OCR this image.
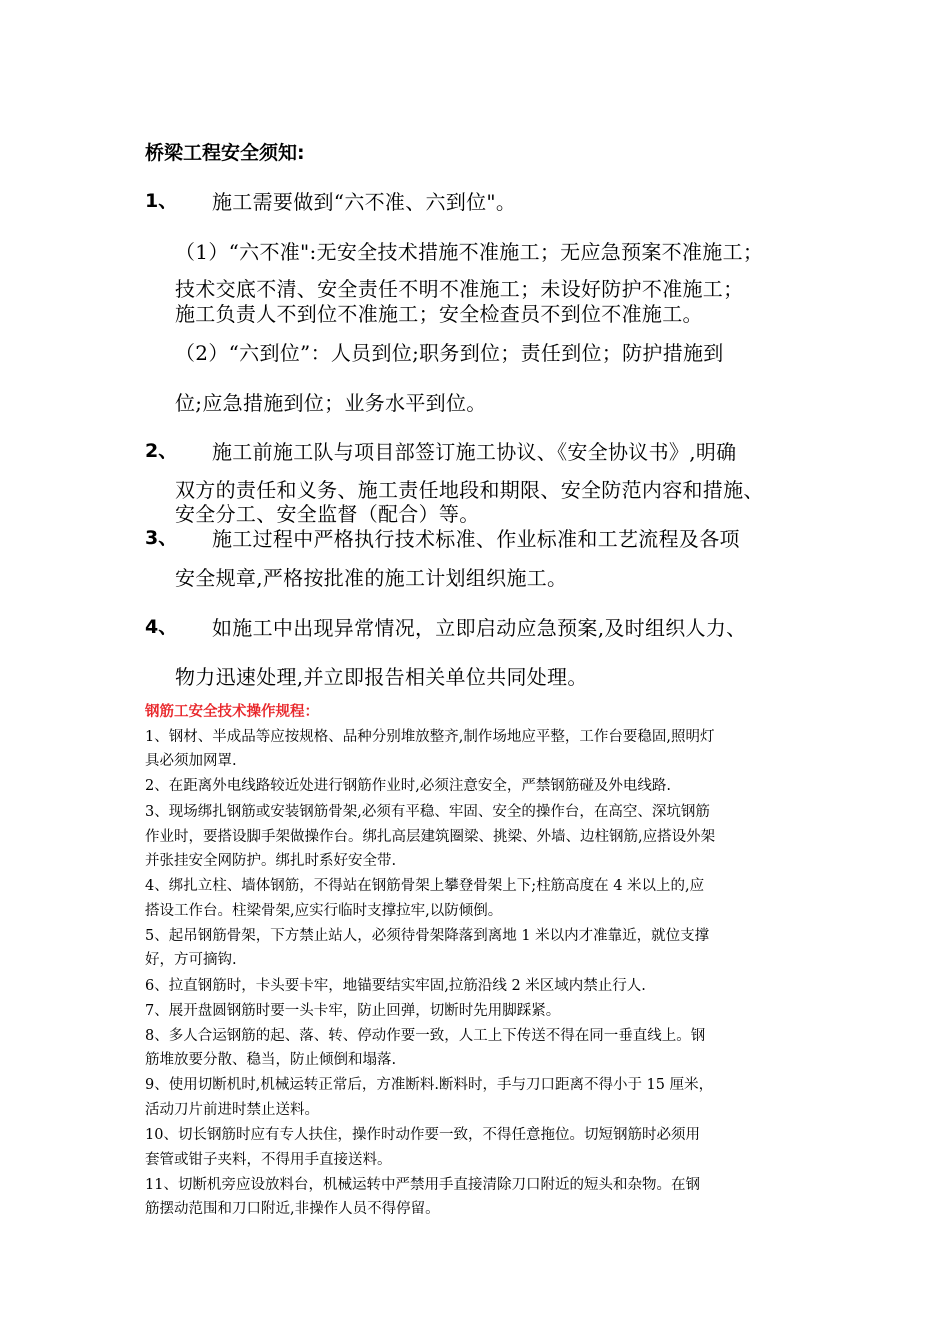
桥梁工程安全须知:
1、 施工需要做到“六不准、六到位"。
（1）“六不准":无安全技术措施不准施工；无应急预案不准施工；
技术交底不清、安全责任不明不准施工；未设好防护不准施工；
施工负责人不到位不准施工；安全检查员不到位不准施工。
（2）“六到位”：人员到位;职务到位；责任到位；防护措施到
位;应急措施到位；业务水平到位。
2、 施工前施工队与项目部签订施工协议、《安全协议书》,明确
双方的责任和义务、施工责任地段和期限、安全防范内容和措施、
安全分工、安全监督（配合）等。
3、 施工过程中严格执行技术标准、作业标准和工艺流程及各项
安全规章,严格按批准的施工计划组织施工。
4、 如施工中出现异常情况，立即启动应急预案,及时组织人力、
物力迅速处理,并立即报告相关单位共同处理。
钢筋工安全技术操作规程：
1、钢材、半成品等应按规格、品种分别堆放整齐,制作场地应平整，工作台要稳固,照明灯
具必须加网罩.
2、在距离外电线路较近处进行钢筋作业时,必须注意安全，严禁钢筋碰及外电线路.
3、现场绑扎钢筋或安装钢筋骨架,必须有平稳、牢固、安全的操作台，在高空、深坑钢筋
作业时，要搭设脚手架做操作台。绑扎高层建筑圈梁、挑梁、外墙、边柱钢筋,应搭设外架
并张挂安全网防护。绑扎时系好安全带.
4、绑扎立柱、墙体钢筋，不得站在钢筋骨架上攀登骨架上下;柱筋高度在 4 米以上的,应
搭设工作台。柱梁骨架,应实行临时支撑拉牢,以防倾倒。
5、起吊钢筋骨架，下方禁止站人，必须待骨架降落到离地 1 米以内才准靠近，就位支撑
好，方可摘钩.
6、拉直钢筋时，卡头要卡牢，地锚要结实牢固,拉筋沿线 2 米区域内禁止行人.
7、展开盘圆钢筋时要一头卡牢，防止回弹，切断时先用脚踩紧。
8、多人合运钢筋的起、落、转、停动作要一致，人工上下传送不得在同一垂直线上。钢
筋堆放要分散、稳当，防止倾倒和塌落.
9、使用切断机时,机械运转正常后，方准断料.断料时，手与刀口距离不得小于 15 厘米，
活动刀片前进时禁止送料。
10、切长钢筋时应有专人扶住，操作时动作要一致，不得任意拖位。切短钢筋时必须用
套管或钳子夹料，不得用手直接送料。
11、切断机旁应设放料台，机械运转中严禁用手直接清除刀口附近的短头和杂物。在钢
筋摆动范围和刀口附近,非操作人员不得停留。
